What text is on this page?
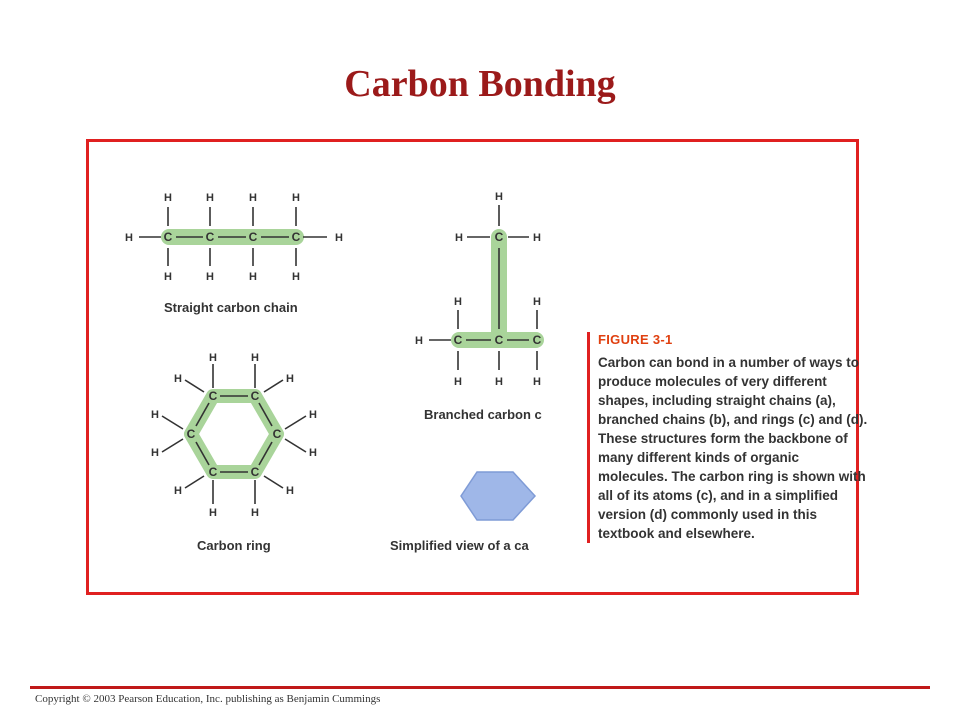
Carbon Bonding
C	C	C	C
H	H
H	H	H	H
H	H	H	H
Straight carbon chain
C
C	C C
H
H	H
H
H	H
H	H	H
Branched carbon c
C	C
C
C
C
C
H	H
H	H
H
H
H
H
H	H
H	H
Carbon ring	Simplified view of a ca

FIGURE 3-1

Carbon can bond in a number of ways to produce molecules of very different shapes, including straight chains (a), branched chains (b), and rings (c) and (d). These structures form the backbone of many different kinds of organic molecules. The carbon ring is shown with all of its atoms (c), and in a simplified version (d) commonly used in this textbook and elsewhere.

Copyright © 2003 Pearson Education, Inc. publishing as Benjamin Cummings
